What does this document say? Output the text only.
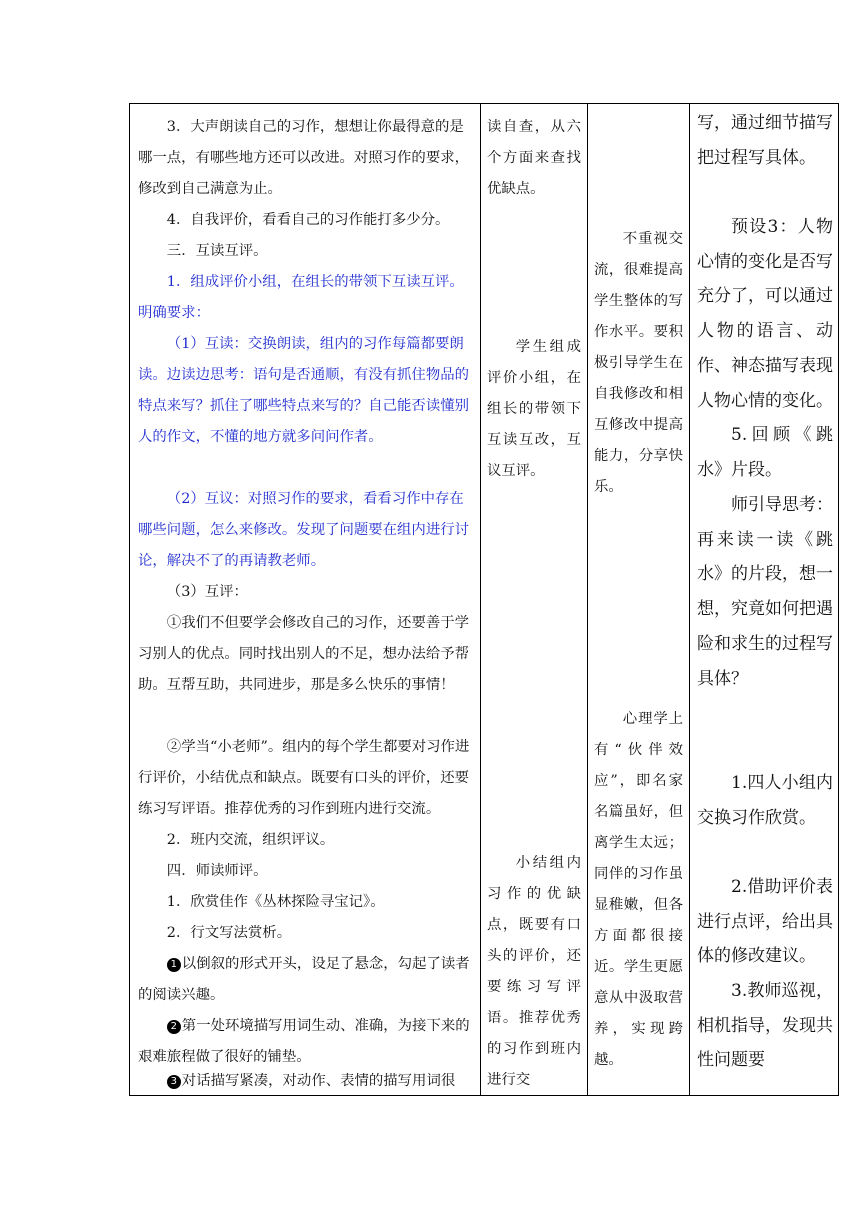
3．大声朗读自己的习作，想想让你最得意的是哪一点，有哪些地方还可以改进。对照习作的要求，修改到自己满意为止。

4．自我评价，看看自己的习作能打多少分。

三．互读互评。

1．组成评价小组，在组长的带领下互读互评。明确要求：

（1）互读：交换朗读，组内的习作每篇都要朗读。边读边思考：语句是否通顺，有没有抓住物品的特点来写？抓住了哪些特点来写的？自己能否读懂别人的作文，不懂的地方就多问问作者。

（2）互议：对照习作的要求，看看习作中存在哪些问题，怎么来修改。发现了问题要在组内进行讨论，解决不了的再请教老师。

（3）互评：

①我们不但要学会修改自己的习作，还要善于学习别人的优点。同时找出别人的不足，想办法给予帮助。互帮互助，共同进步，那是多么快乐的事情！

②学当“小老师”。组内的每个学生都要对习作进行评价，小结优点和缺点。既要有口头的评价，还要练习写评语。推荐优秀的习作到班内进行交流。

2．班内交流，组织评议。

四．师读师评。

1．欣赏佳作《丛林探险寻宝记》。

2．行文写法赏析。

1 以倒叙的形式开头，设足了悬念，勾起了读者的阅读兴趣。

2 第一处环境描写用词生动、准确，为接下来的艰难旅程做了很好的铺垫。

3 对话描写紧凑，对动作、表情的描写用词很

读自查，从六个方面来查找优缺点。

学生组成评价小组，在组长的带领下互读互改，互议互评。

小结组内习作的优缺点，既要有口头的评价，还要练习写评语。推荐优秀的习作到班内进行交

不重视交流，很难提高学生整体的写作水平。要积极引导学生在自我修改和相互修改中提高能力，分享快乐。

心理学上有“伙伴效应”，即名家名篇虽好，但离学生太远；同伴的习作虽显稚嫩，但各方面都很接近。学生更愿意从中汲取营养，实现跨越。

写，通过细节描写把过程写具体。

预设3：人物心情的变化是否写充分了，可以通过人物的语言、动作、神态描写表现人物心情的变化。

5.回顾《跳水》片段。

师引导思考：再来读一读《跳水》的片段，想一想，究竟如何把遇险和求生的过程写具体？

1.四人小组内交换习作欣赏。

2.借助评价表进行点评，给出具体的修改建议。

3.教师巡视，相机指导，发现共性问题要
